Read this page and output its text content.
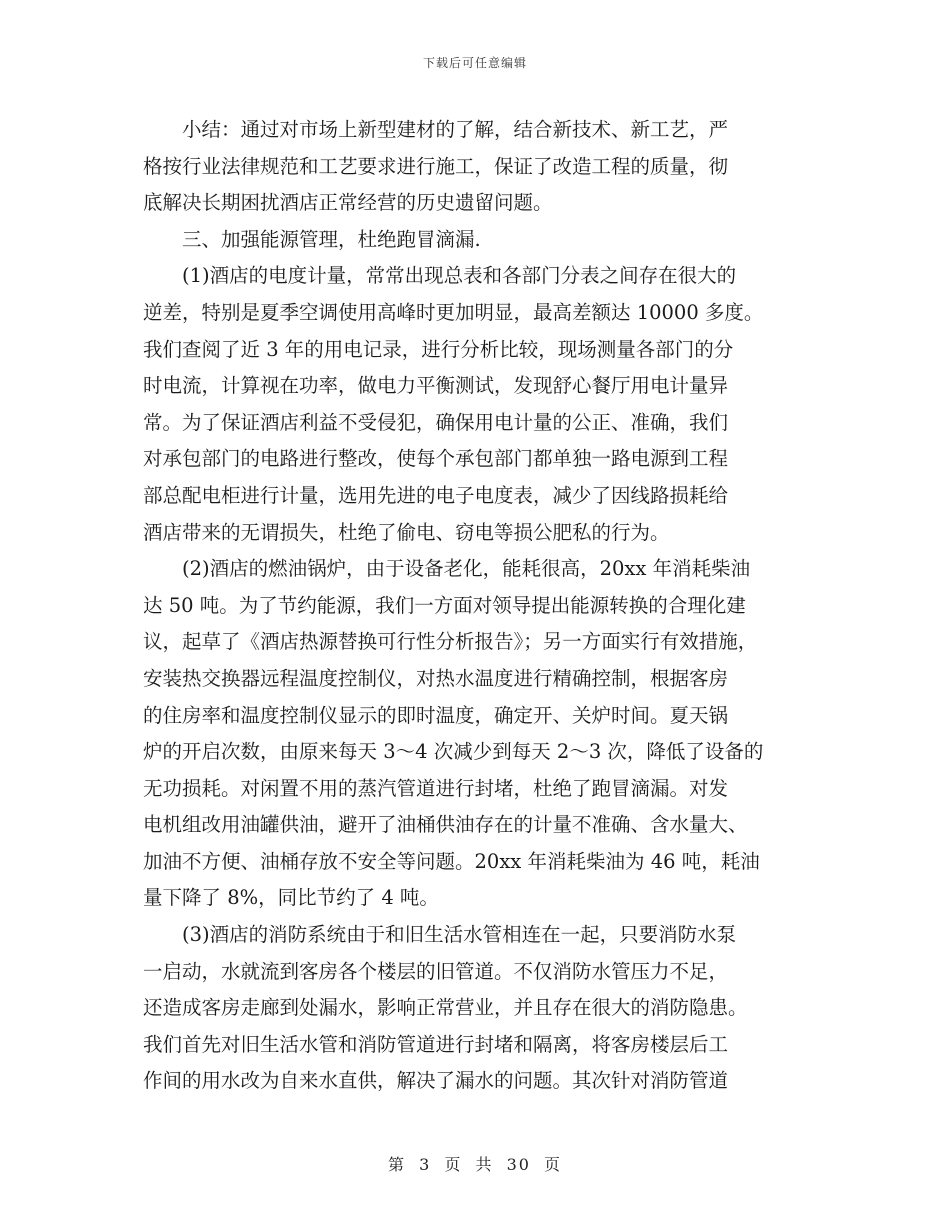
下载后可任意编辑
　　小结：通过对市场上新型建材的了解，结合新技术、新工艺，严
格按行业法律规范和工艺要求进行施工，保证了改造工程的质量，彻
底解决长期困扰酒店正常经营的历史遗留问题。
　　三、加强能源管理，杜绝跑冒滴漏.
　　(1)酒店的电度计量，常常出现总表和各部门分表之间存在很大的
逆差，特别是夏季空调使用高峰时更加明显，最高差额达 10000 多度。
我们查阅了近 3 年的用电记录，进行分析比较，现场测量各部门的分
时电流，计算视在功率，做电力平衡测试，发现舒心餐厅用电计量异
常。为了保证酒店利益不受侵犯，确保用电计量的公正、准确，我们
对承包部门的电路进行整改，使每个承包部门都单独一路电源到工程
部总配电柜进行计量，选用先进的电子电度表，减少了因线路损耗给
酒店带来的无谓损失，杜绝了偷电、窃电等损公肥私的行为。
　　(2)酒店的燃油锅炉，由于设备老化，能耗很高，20xx 年消耗柴油
达 50 吨。为了节约能源，我们一方面对领导提出能源转换的合理化建
议，起草了《酒店热源替换可行性分析报告》；另一方面实行有效措施，
安装热交换器远程温度控制仪，对热水温度进行精确控制，根据客房
的住房率和温度控制仪显示的即时温度，确定开、关炉时间。夏天锅
炉的开启次数，由原来每天 3～4 次减少到每天 2～3 次，降低了设备的
无功损耗。对闲置不用的蒸汽管道进行封堵，杜绝了跑冒滴漏。对发
电机组改用油罐供油，避开了油桶供油存在的计量不准确、含水量大、
加油不方便、油桶存放不安全等问题。20xx 年消耗柴油为 46 吨，耗油
量下降了 8%，同比节约了 4 吨。
　　(3)酒店的消防系统由于和旧生活水管相连在一起，只要消防水泵
一启动，水就流到客房各个楼层的旧管道。不仅消防水管压力不足，
还造成客房走廊到处漏水，影响正常营业，并且存在很大的消防隐患。
我们首先对旧生活水管和消防管道进行封堵和隔离，将客房楼层后工
作间的用水改为自来水直供，解决了漏水的问题。其次针对消防管道
第 3 页 共 30 页
